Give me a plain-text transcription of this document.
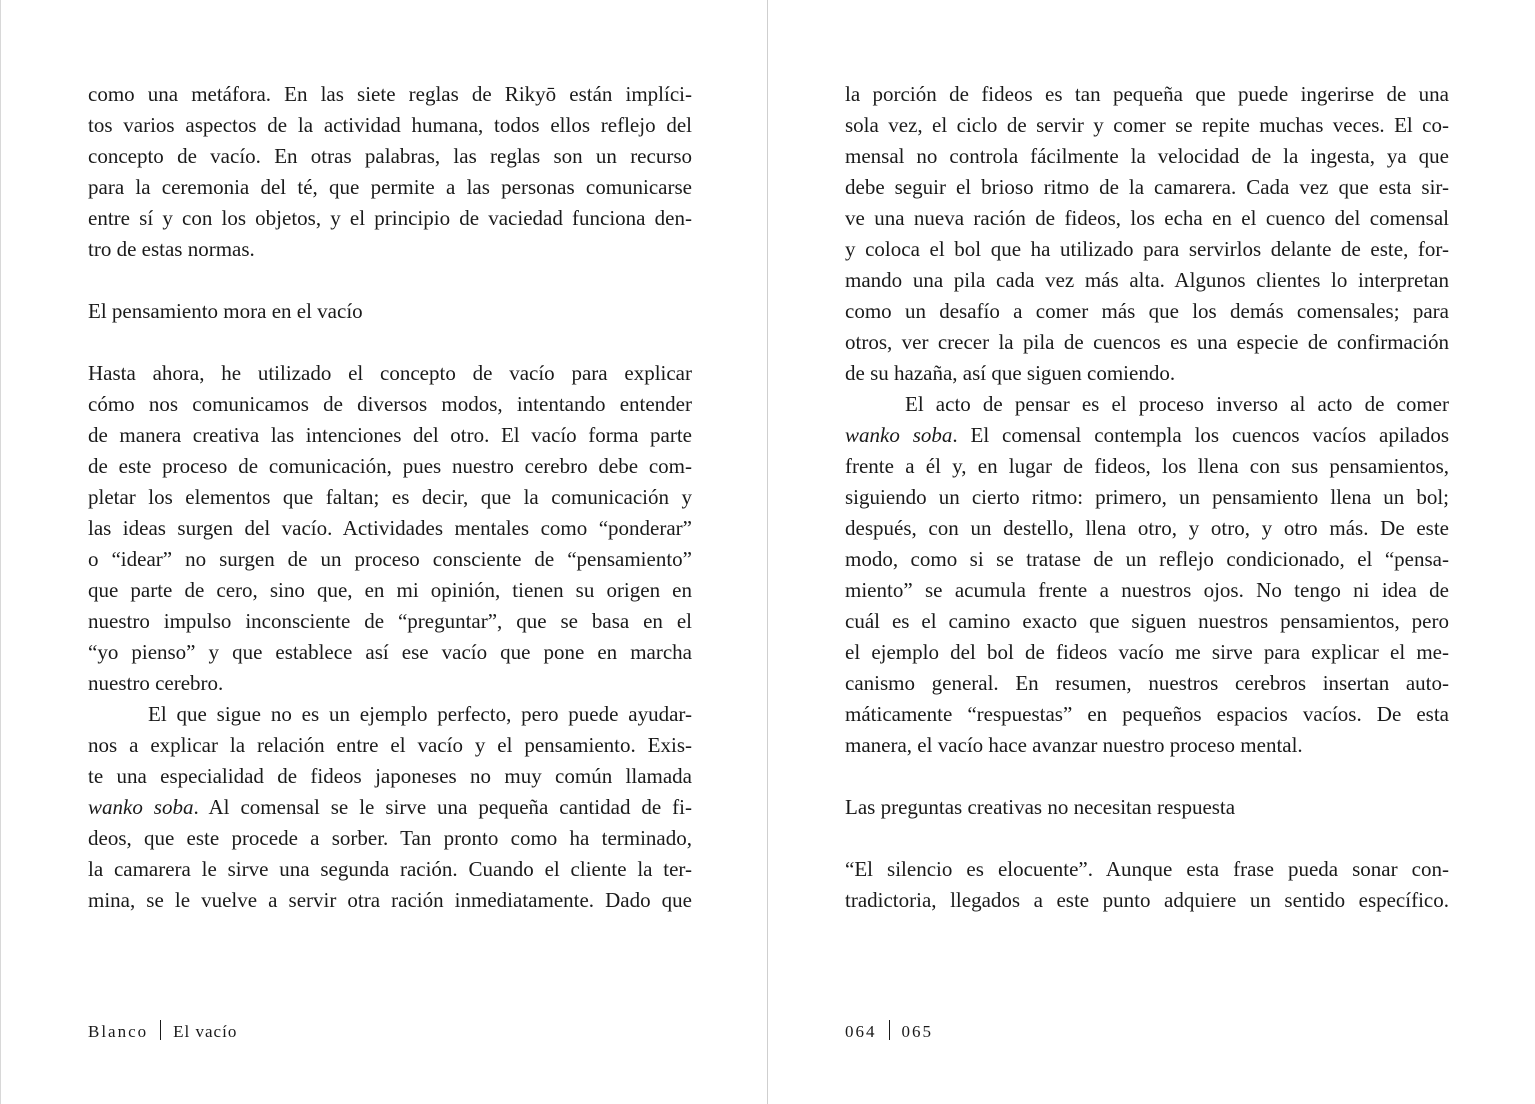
como una metáfora. En las siete reglas de Rikyō están implíci-
tos varios aspectos de la actividad humana, todos ellos reflejo del
concepto de vacío. En otras palabras, las reglas son un recurso
para la ceremonia del té, que permite a las personas comunicarse
entre sí y con los objetos, y el principio de vaciedad funciona den-
tro de estas normas.
El pensamiento mora en el vacío
Hasta ahora, he utilizado el concepto de vacío para explicar
cómo nos comunicamos de diversos modos, intentando entender
de manera creativa las intenciones del otro. El vacío forma parte
de este proceso de comunicación, pues nuestro cerebro debe com-
pletar los elementos que faltan; es decir, que la comunicación y
las ideas surgen del vacío. Actividades mentales como “ponderar”
o “idear” no surgen de un proceso consciente de “pensamiento”
que parte de cero, sino que, en mi opinión, tienen su origen en
nuestro impulso inconsciente de “preguntar”, que se basa en el
“yo pienso” y que establece así ese vacío que pone en marcha
nuestro cerebro.
El que sigue no es un ejemplo perfecto, pero puede ayudar-
nos a explicar la relación entre el vacío y el pensamiento. Exis-
te una especialidad de fideos japoneses no muy común llamada
wanko soba. Al comensal se le sirve una pequeña cantidad de fi-
deos, que este procede a sorber. Tan pronto como ha terminado,
la camarera le sirve una segunda ración. Cuando el cliente la ter-
mina, se le vuelve a servir otra ración inmediatamente. Dado que
la porción de fideos es tan pequeña que puede ingerirse de una
sola vez, el ciclo de servir y comer se repite muchas veces. El co-
mensal no controla fácilmente la velocidad de la ingesta, ya que
debe seguir el brioso ritmo de la camarera. Cada vez que esta sir-
ve una nueva ración de fideos, los echa en el cuenco del comensal
y coloca el bol que ha utilizado para servirlos delante de este, for-
mando una pila cada vez más alta. Algunos clientes lo interpretan
como un desafío a comer más que los demás comensales; para
otros, ver crecer la pila de cuencos es una especie de confirmación
de su hazaña, así que siguen comiendo.
El acto de pensar es el proceso inverso al acto de comer
wanko soba. El comensal contempla los cuencos vacíos apilados
frente a él y, en lugar de fideos, los llena con sus pensamientos,
siguiendo un cierto ritmo: primero, un pensamiento llena un bol;
después, con un destello, llena otro, y otro, y otro más. De este
modo, como si se tratase de un reflejo condicionado, el “pensa-
miento” se acumula frente a nuestros ojos. No tengo ni idea de
cuál es el camino exacto que siguen nuestros pensamientos, pero
el ejemplo del bol de fideos vacío me sirve para explicar el me-
canismo general. En resumen, nuestros cerebros insertan auto-
máticamente “respuestas” en pequeños espacios vacíos. De esta
manera, el vacío hace avanzar nuestro proceso mental.
Las preguntas creativas no necesitan respuesta
“El silencio es elocuente”. Aunque esta frase pueda sonar con-
tradictoria, llegados a este punto adquiere un sentido específico.
Blanco El vacío	064 065
